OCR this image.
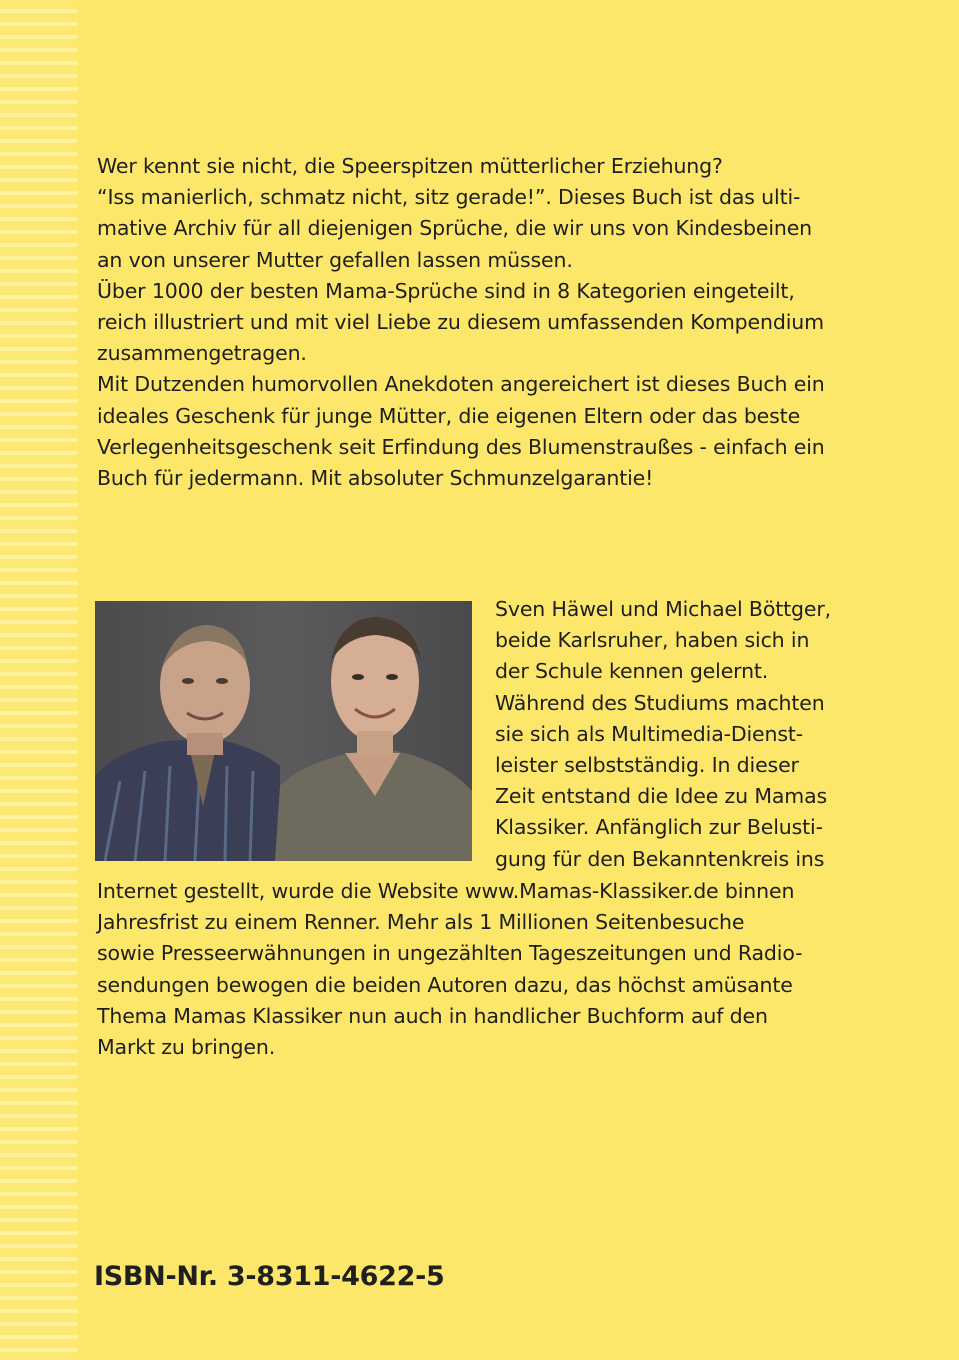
Wer kennt sie nicht, die Speerspitzen mütterlicher Erziehung?
“Iss manierlich, schmatz nicht, sitz gerade!”. Dieses Buch ist das ulti-
mative Archiv für all diejenigen Sprüche, die wir uns von Kindesbeinen
an von unserer Mutter gefallen lassen müssen.
Über 1000 der besten Mama-Sprüche sind in 8 Kategorien eingeteilt,
reich illustriert und mit viel Liebe zu diesem umfassenden Kompendium
zusammengetragen.
Mit Dutzenden humorvollen Anekdoten angereichert ist dieses Buch ein
ideales Geschenk für junge Mütter, die eigenen Eltern oder das beste
Verlegenheitsgeschenk seit Erfindung des Blumenstraußes - einfach ein
Buch für jedermann. Mit absoluter Schmunzelgarantie!
Sven Häwel und Michael Böttger,
beide Karlsruher, haben sich in
der Schule kennen gelernt.
Während des Studiums machten
sie sich als Multimedia-Dienst-
leister selbstständig. In dieser
Zeit entstand die Idee zu Mamas
Klassiker. Anfänglich zur Belusti-
gung für den Bekanntenkreis ins
Internet gestellt, wurde die Website www.Mamas-Klassiker.de binnen
Jahresfrist zu einem Renner. Mehr als 1 Millionen Seitenbesuche
sowie Presseerwähnungen in ungezählten Tageszeitungen und Radio-
sendungen bewogen die beiden Autoren dazu, das höchst amüsante
Thema Mamas Klassiker nun auch in handlicher Buchform auf den
Markt zu bringen.
ISBN-Nr. 3-8311-4622-5
